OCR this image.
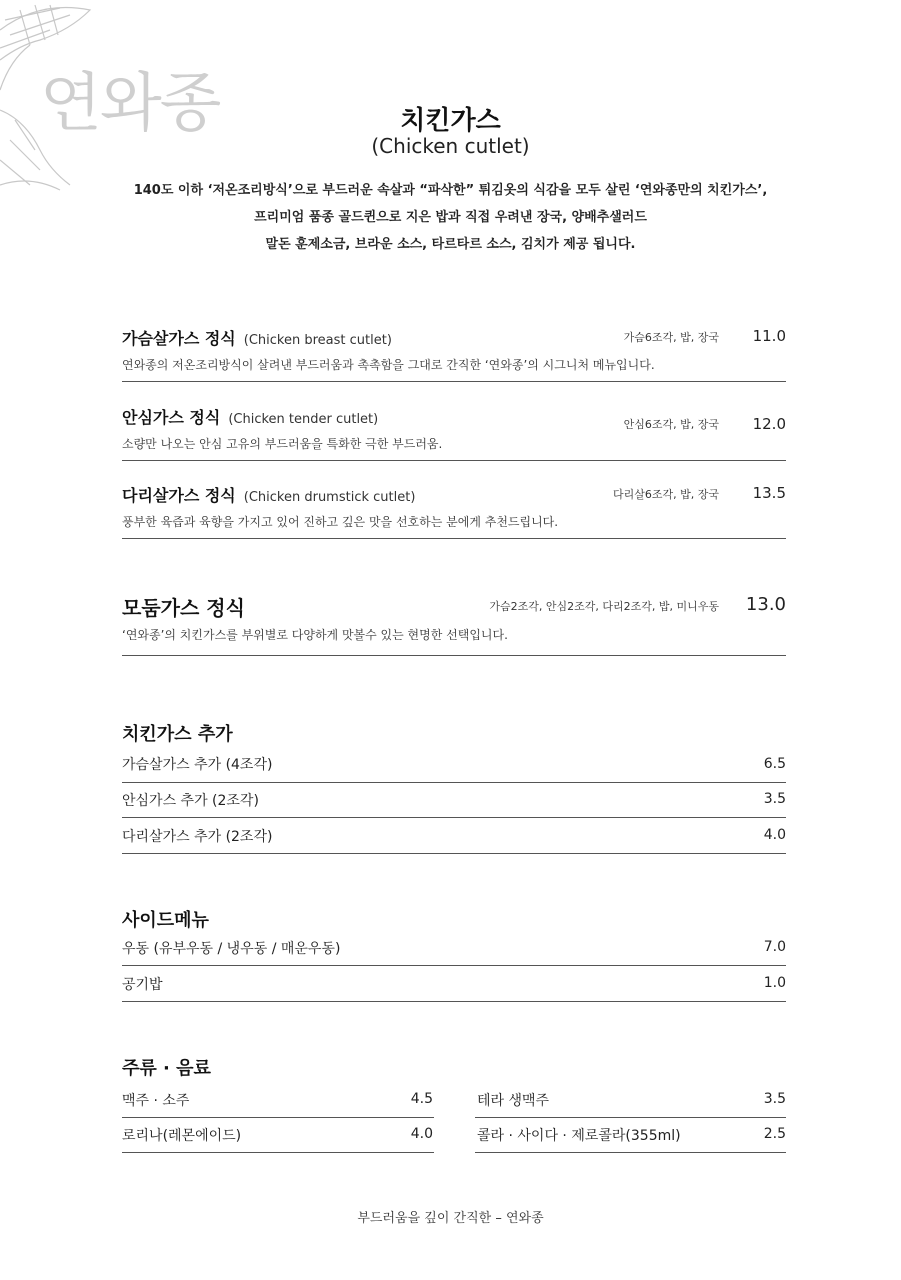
연와종	치킨가스
(Chicken cutlet)
140도 이하 ‘저온조리방식’으로 부드러운 속살과 “파삭한” 튀김옷의 식감을 모두 살린 ‘연와종만의 치킨가스’,
프리미엄 품종 골드퀸으로 지은 밥과 직접 우려낸 장국, 양배추샐러드
말돈 훈제소금, 브라운 소스, 타르타르 소스, 김치가 제공 됩니다.
가슴살가스 정식 (Chicken breast cutlet)	가슴6조각, 밥, 장국 11.0
연와종의 저온조리방식이 살려낸 부드러움과 촉촉함을 그대로 간직한 ‘연와종’의 시그니처 메뉴입니다.
안심가스 정식 (Chicken tender cutlet)	안심6조각, 밥, 장국 12.0
소량만 나오는 안심 고유의 부드러움을 특화한 극한 부드러움.
다리살가스 정식 (Chicken drumstick cutlet)	다리살6조각, 밥, 장국 13.5
풍부한 육즙과 육향을 가지고 있어 진하고 깊은 맛을 선호하는 분에게 추천드립니다.
모둠가스 정식	가슴2조각, 안심2조각, 다리2조각, 밥, 미니우동 13.0
‘연와종’의 치킨가스를 부위별로 다양하게 맛볼수 있는 현명한 선택입니다.
치킨가스 추가
가슴살가스 추가 (4조각)	6.5
안심가스 추가 (2조각)	3.5
다리살가스 추가 (2조각)	4.0
사이드메뉴
우동 (유부우동 / 냉우동 / 매운우동)	7.0
공기밥	1.0
주류 · 음료
맥주 · 소주	4.5
로리나(레몬에이드)	4.0
테라 생맥주	3.5
콜라 · 사이다 · 제로콜라(355ml)	2.5
부드러움을 깊이 간직한 – 연와종
